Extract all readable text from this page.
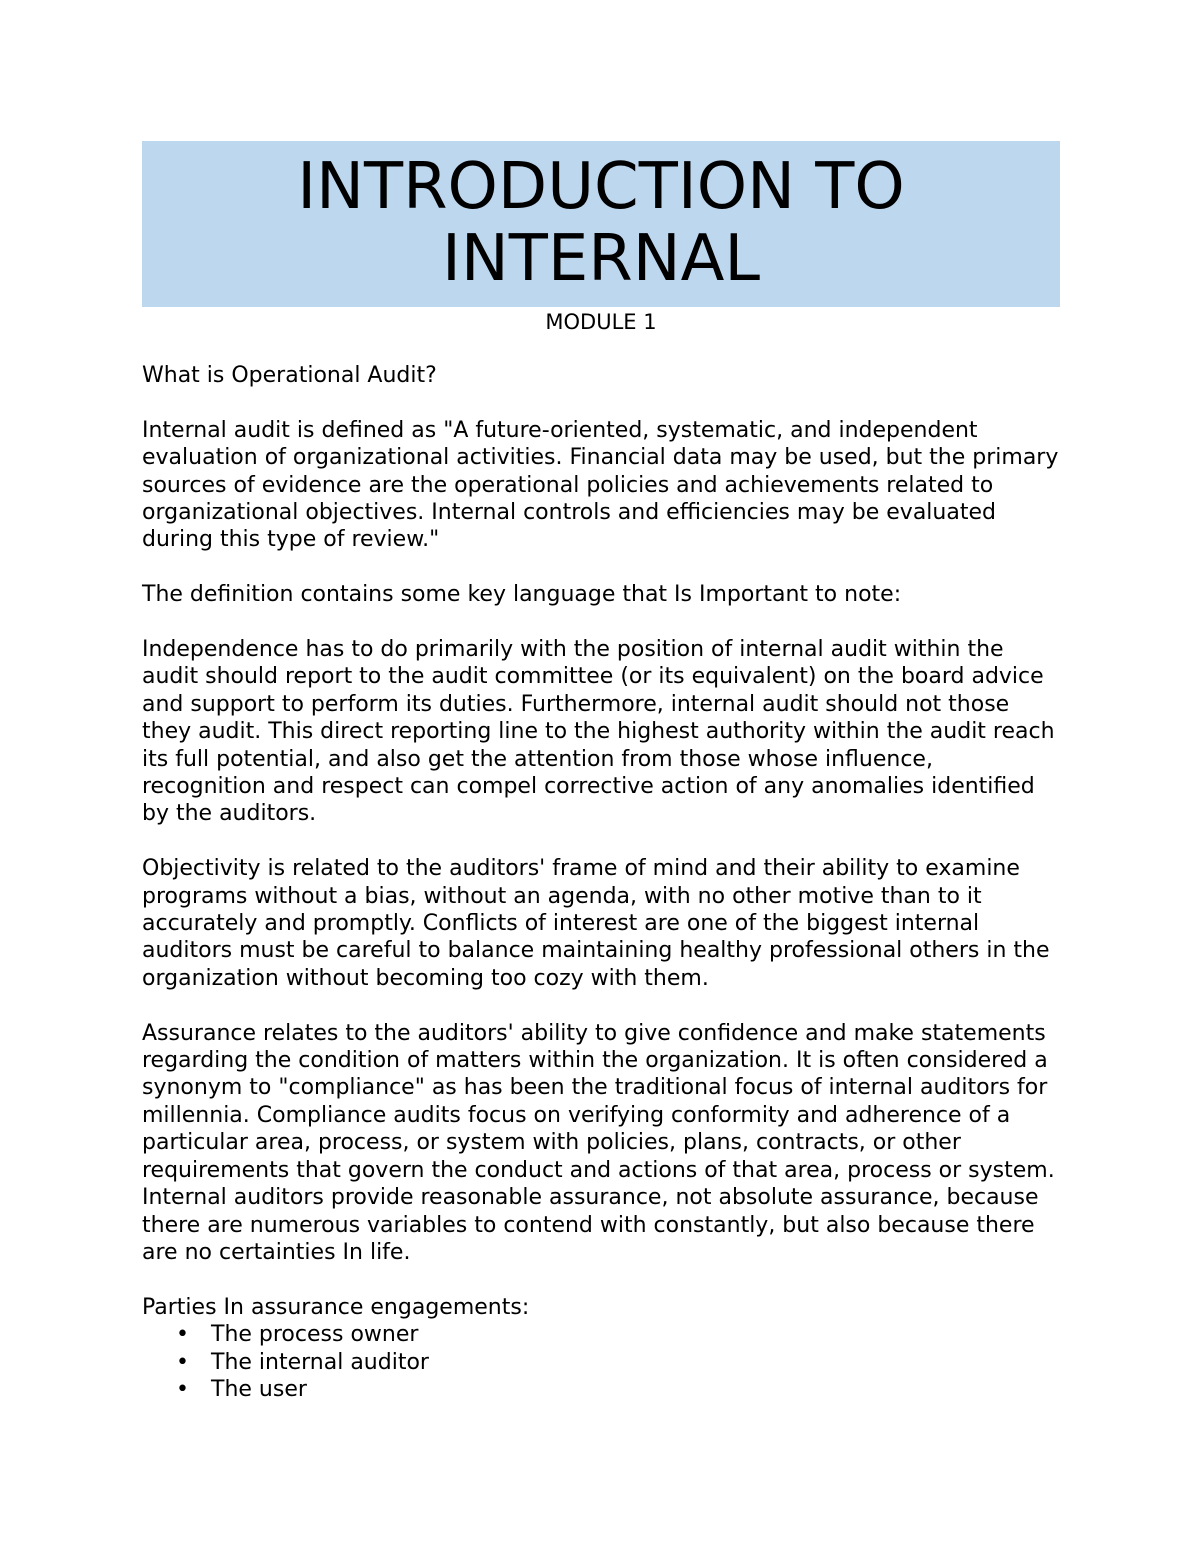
INTRODUCTION TO
INTERNAL
MODULE 1

What is Operational Audit?

Internal audit is defined as "A future-oriented, systematic, and independent evaluation of organizational activities. Financial data may be used, but the primary sources of evidence are the operational policies and achievements related to organizational objectives. Internal controls and efficiencies may be evaluated during this type of review."

The definition contains some key language that Is Important to note:

Independence has to do primarily with the position of internal audit within the audit should report to the audit committee (or its equivalent) on the board advice and support to perform its duties. Furthermore, internal audit should not those they audit. This direct reporting line to the highest authority within the audit reach its full potential, and also get the attention from those whose influence, recognition and respect can compel corrective action of any anomalies identified by the auditors.

Objectivity is related to the auditors' frame of mind and their ability to examine programs without a bias, without an agenda, with no other motive than to it accurately and promptly. Conflicts of interest are one of the biggest internal auditors must be careful to balance maintaining healthy professional others in the organization without becoming too cozy with them.

Assurance relates to the auditors' ability to give confidence and make statements regarding the condition of matters within the organization. It is often considered a synonym to "compliance" as has been the traditional focus of internal auditors for millennia. Compliance audits focus on verifying conformity and adherence of a particular area, process, or system with policies, plans, contracts, or other requirements that govern the conduct and actions of that area, process or system. Internal auditors provide reasonable assurance, not absolute assurance, because there are numerous variables to contend with constantly, but also because there are no certainties In life.

Parties In assurance engagements:

• The process owner
• The internal auditor
• The user
